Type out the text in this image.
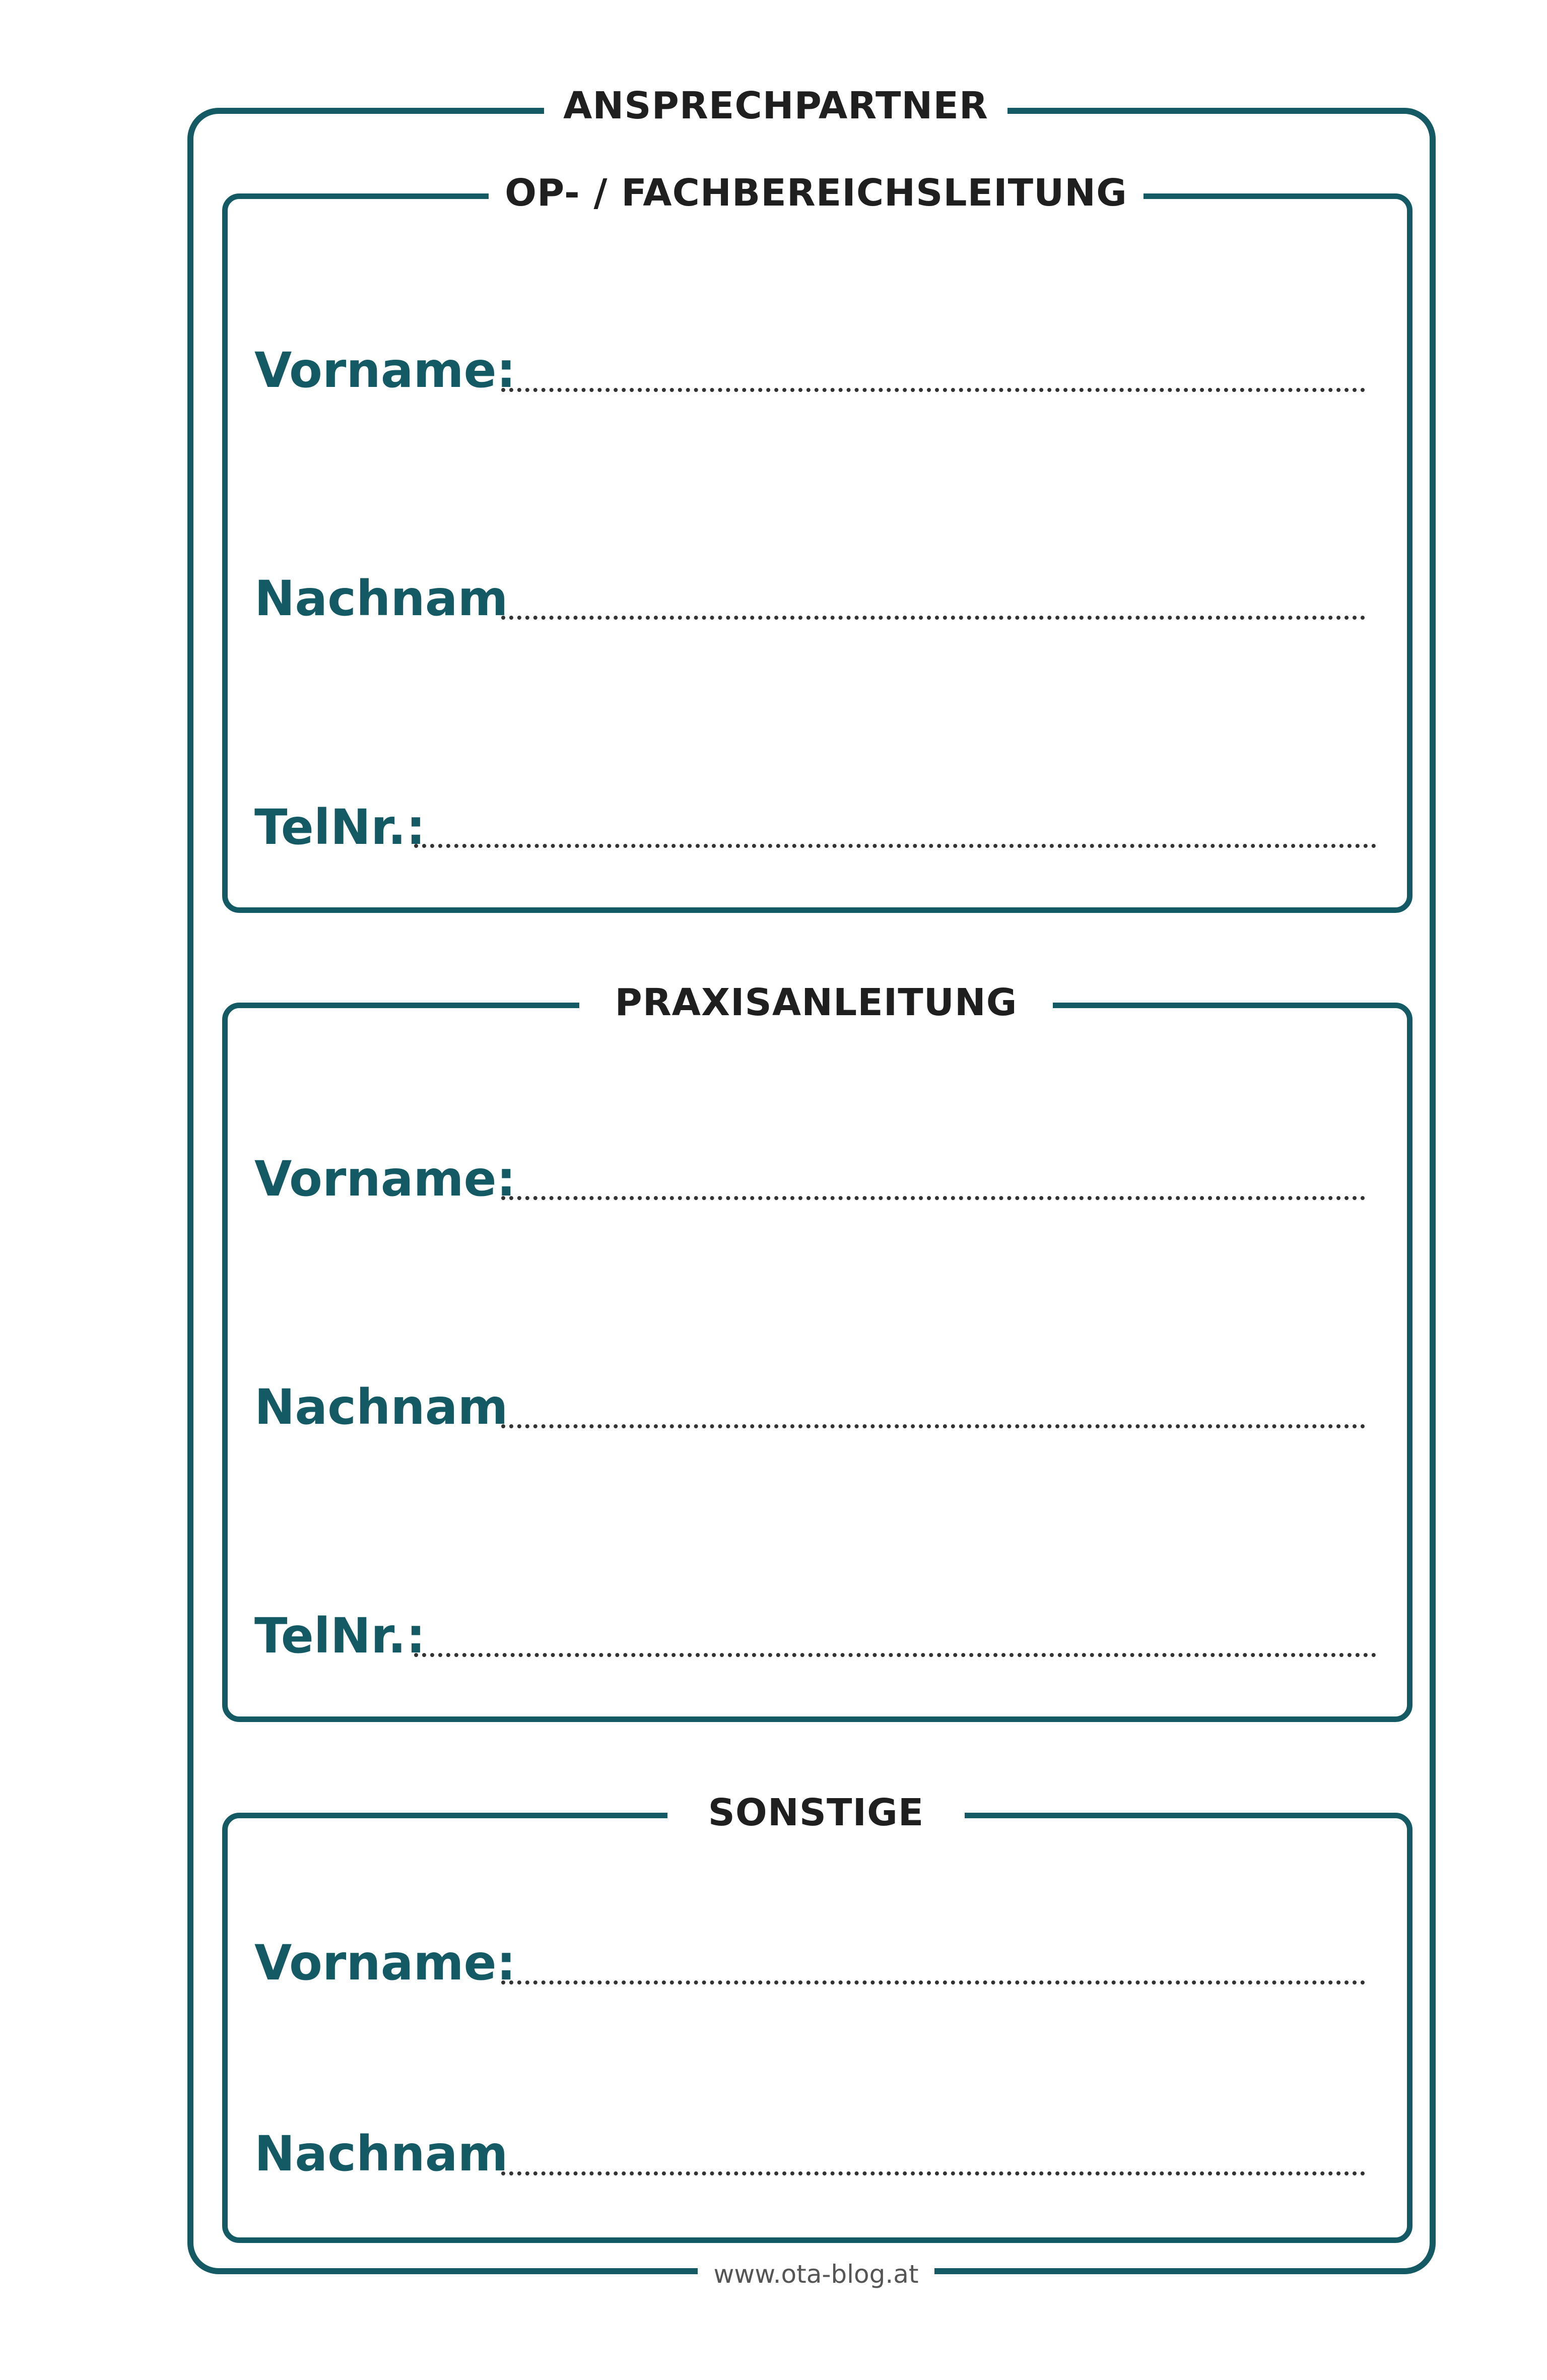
ANSPRECHPARTNER
OP- / FACHBEREICHSLEITUNG
Vorname:
Nachnam
TelNr.:
PRAXISANLEITUNG
Vorname:
Nachnam
TelNr.:
SONSTIGE
Vorname:
Nachnam
www.ota-blog.at
